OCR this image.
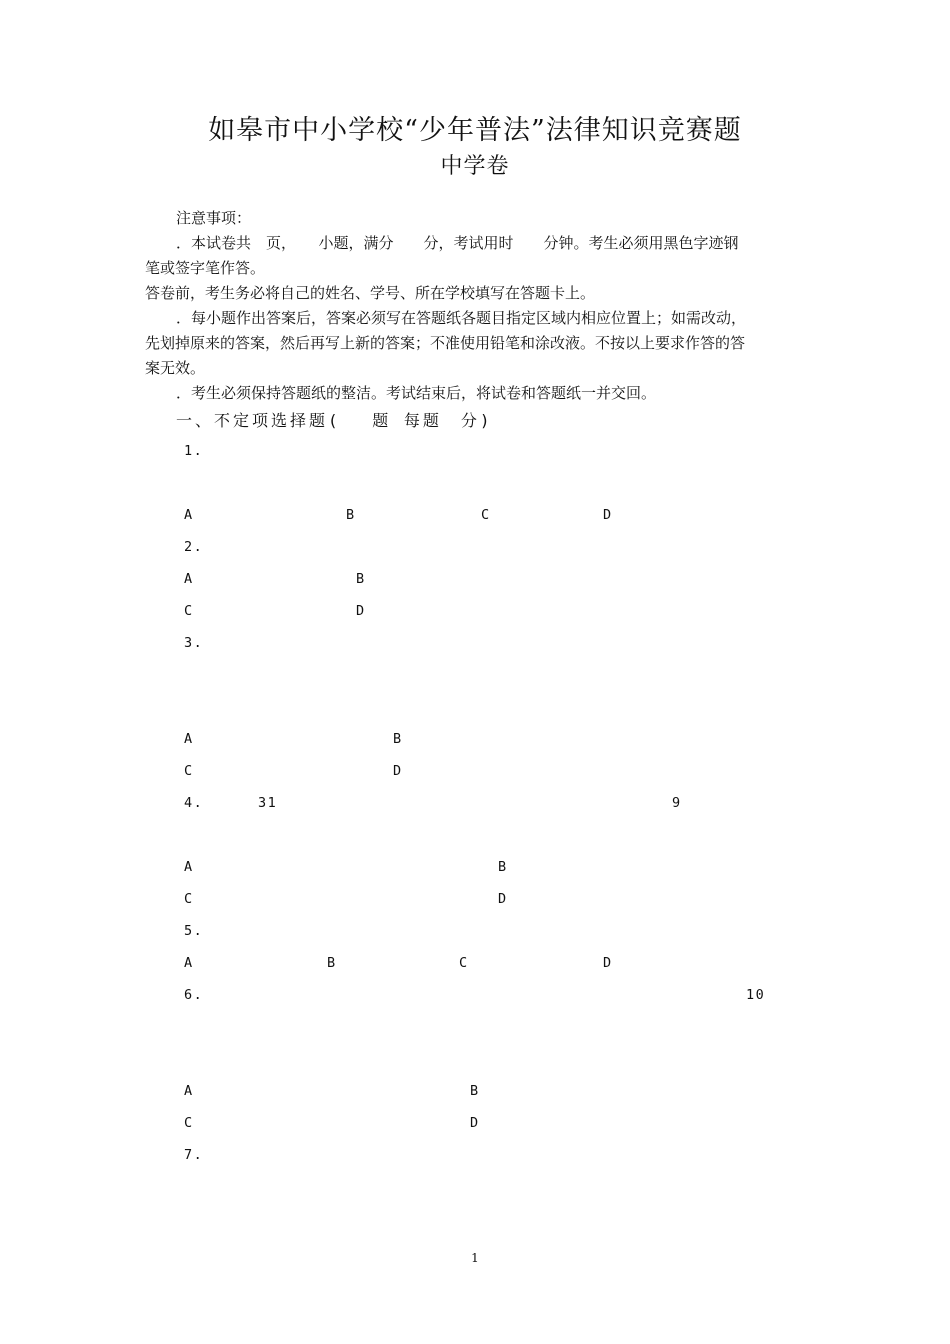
如皋市中小学校“少年普法”法律知识竞赛题
中学卷
注意事项：
．本试卷共　页，　　小题，满分　　分，考试用时　　分钟。考生必须用黑色字迹钢
笔或签字笔作答。
答卷前，考生务必将自己的姓名、学号、所在学校填写在答题卡上。
．每小题作出答案后，答案必须写在答题纸各题目指定区域内相应位置上；如需改动，
先划掉原来的答案，然后再写上新的答案；不准使用铅笔和涂改液。不按以上要求作答的答
案无效。
．考生必须保持答题纸的整洁。考试结束后，将试卷和答题纸一并交回。
一、不定项选择题(　 题 每题　分)
1.
A	B	C	D
2.
A	B
C	D
3.
A	B
C	D
4.	31	9
A	B
C	D
5.
A	B	C	D
6.	10
A	B
C	D
7.

1
